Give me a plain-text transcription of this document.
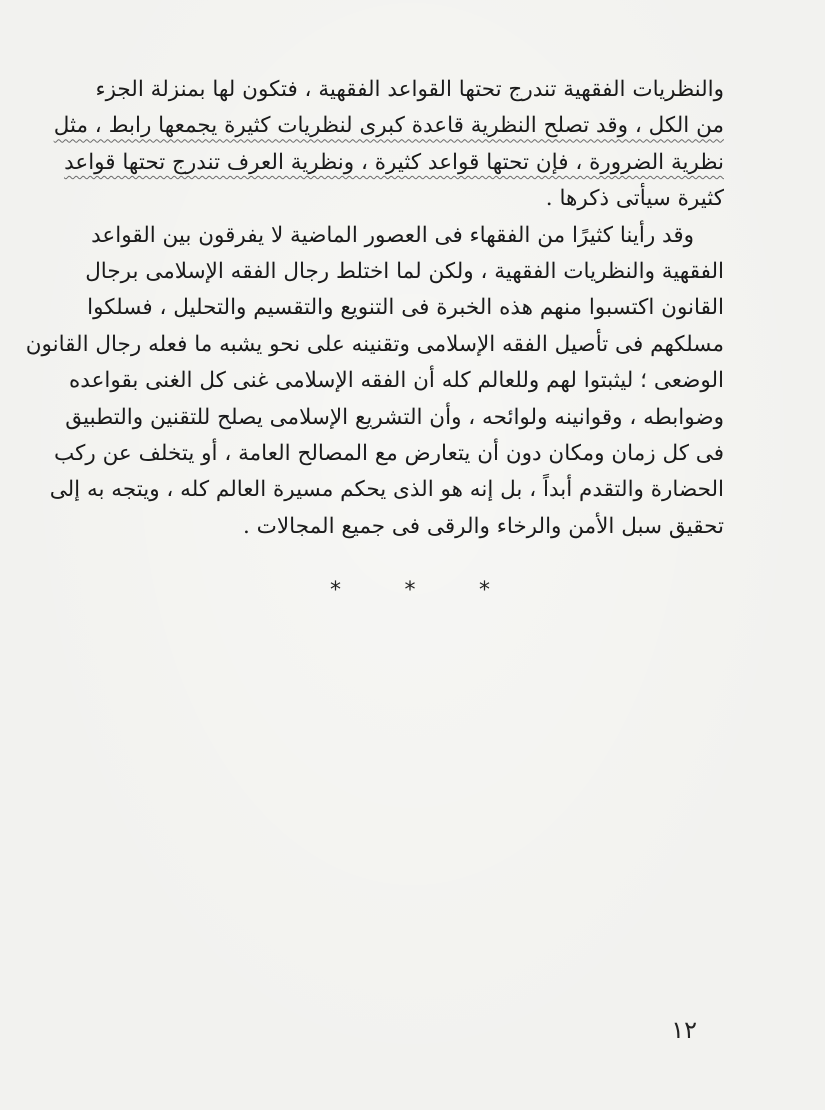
والنظريات الفقهية تندرج تحتها القواعد الفقهية ، فتكون لها بمنزلة الجزء
من الكل ، وقد تصلح النظرية قاعدة كبرى لنظريات كثيرة يجمعها رابط ، مثل
نظرية الضرورة ، فإن تحتها قواعد كثيرة ، ونظرية العرف تندرج تحتها قواعد
كثيرة سيأتى ذكرها .
وقد رأينا كثيرًا من الفقهاء فى العصور الماضية لا يفرقون بين القواعد
الفقهية والنظريات الفقهية ، ولكن لما اختلط رجال الفقه الإسلامى برجال
القانون اكتسبوا منهم هذه الخبرة فى التنويع والتقسيم والتحليل ، فسلكوا
مسلكهم فى تأصيل الفقه الإسلامى وتقنينه على نحو يشبه ما فعله رجال القانون
الوضعى ؛ ليثبتوا لهم وللعالم كله أن الفقه الإسلامى غنى كل الغنى بقواعده
وضوابطه ، وقوانينه ولوائحه ، وأن التشريع الإسلامى يصلح للتقنين والتطبيق
فى كل زمان ومكان دون أن يتعارض مع المصالح العامة ، أو يتخلف عن ركب
الحضارة والتقدم أبداً ، بل إنه هو الذى يحكم مسيرة العالم كله ، ويتجه به إلى
تحقيق سبل الأمن والرخاء والرقى فى جميع المجالات .
*	*	*
١٢
